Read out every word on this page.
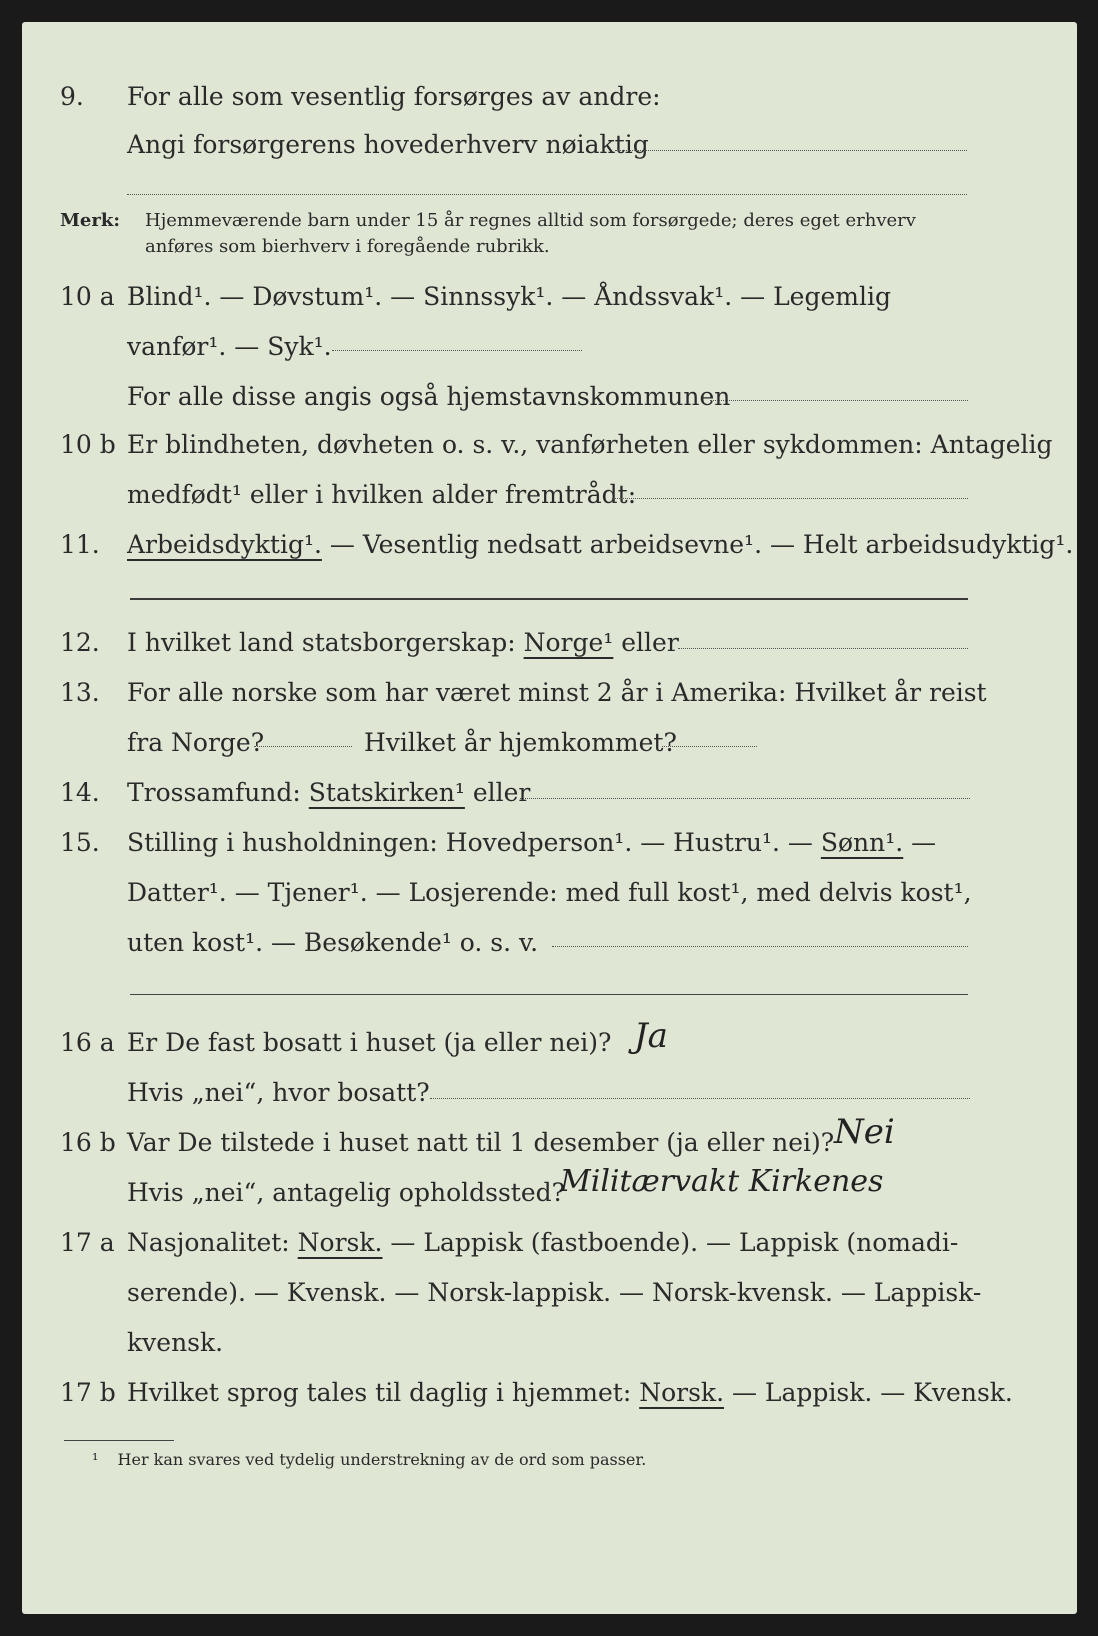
9.	For alle som vesentlig forsørges av andre:
Angi forsørgerens hovederhverv nøiaktig
Merk: Hjemmeværende barn under 15 år regnes alltid som forsørgede; deres eget erhverv
anføres som bierhverv i foregående rubrikk.
10 a Blind¹. — Døvstum¹. — Sinnssyk¹. — Åndssvak¹. — Legemlig
vanfør¹. — Syk¹.
For alle disse angis også hjemstavnskommunen
10 b Er blindheten, døvheten o. s. v., vanførheten eller sykdommen: Antagelig
medfødt¹ eller i hvilken alder fremtrådt:
11.	Arbeidsdyktig¹. — Vesentlig nedsatt arbeidsevne¹. — Helt arbeidsudyktig¹.
12.	I hvilket land statsborgerskap: Norge¹ eller
13.	For alle norske som har været minst 2 år i Amerika: Hvilket år reist
fra Norge?	Hvilket år hjemkommet?
14.	Trossamfund: Statskirken¹ eller
15.	Stilling i husholdningen: Hovedperson¹. — Hustru¹. — Sønn¹. —
Datter¹. — Tjener¹. — Losjerende: med full kost¹, med delvis kost¹,
uten kost¹. — Besøkende¹ o. s. v.
16 a Er De fast bosatt i huset (ja eller nei)? Ja
Hvis „nei“, hvor bosatt?
16 b Var De tilstede i huset natt til 1 desember (ja eller nei)? Nei
Hvis „nei“, antagelig opholdssted?
Militærvakt Kirkenes
17 a Nasjonalitet: Norsk. — Lappisk (fastboende). — Lappisk (nomadi-
serende). — Kvensk. — Norsk-lappisk. — Norsk-kvensk. — Lappisk-
kvensk.
17 b Hvilket sprog tales til daglig i hjemmet: Norsk. — Lappisk. — Kvensk.
¹ Her kan svares ved tydelig understrekning av de ord som passer.
